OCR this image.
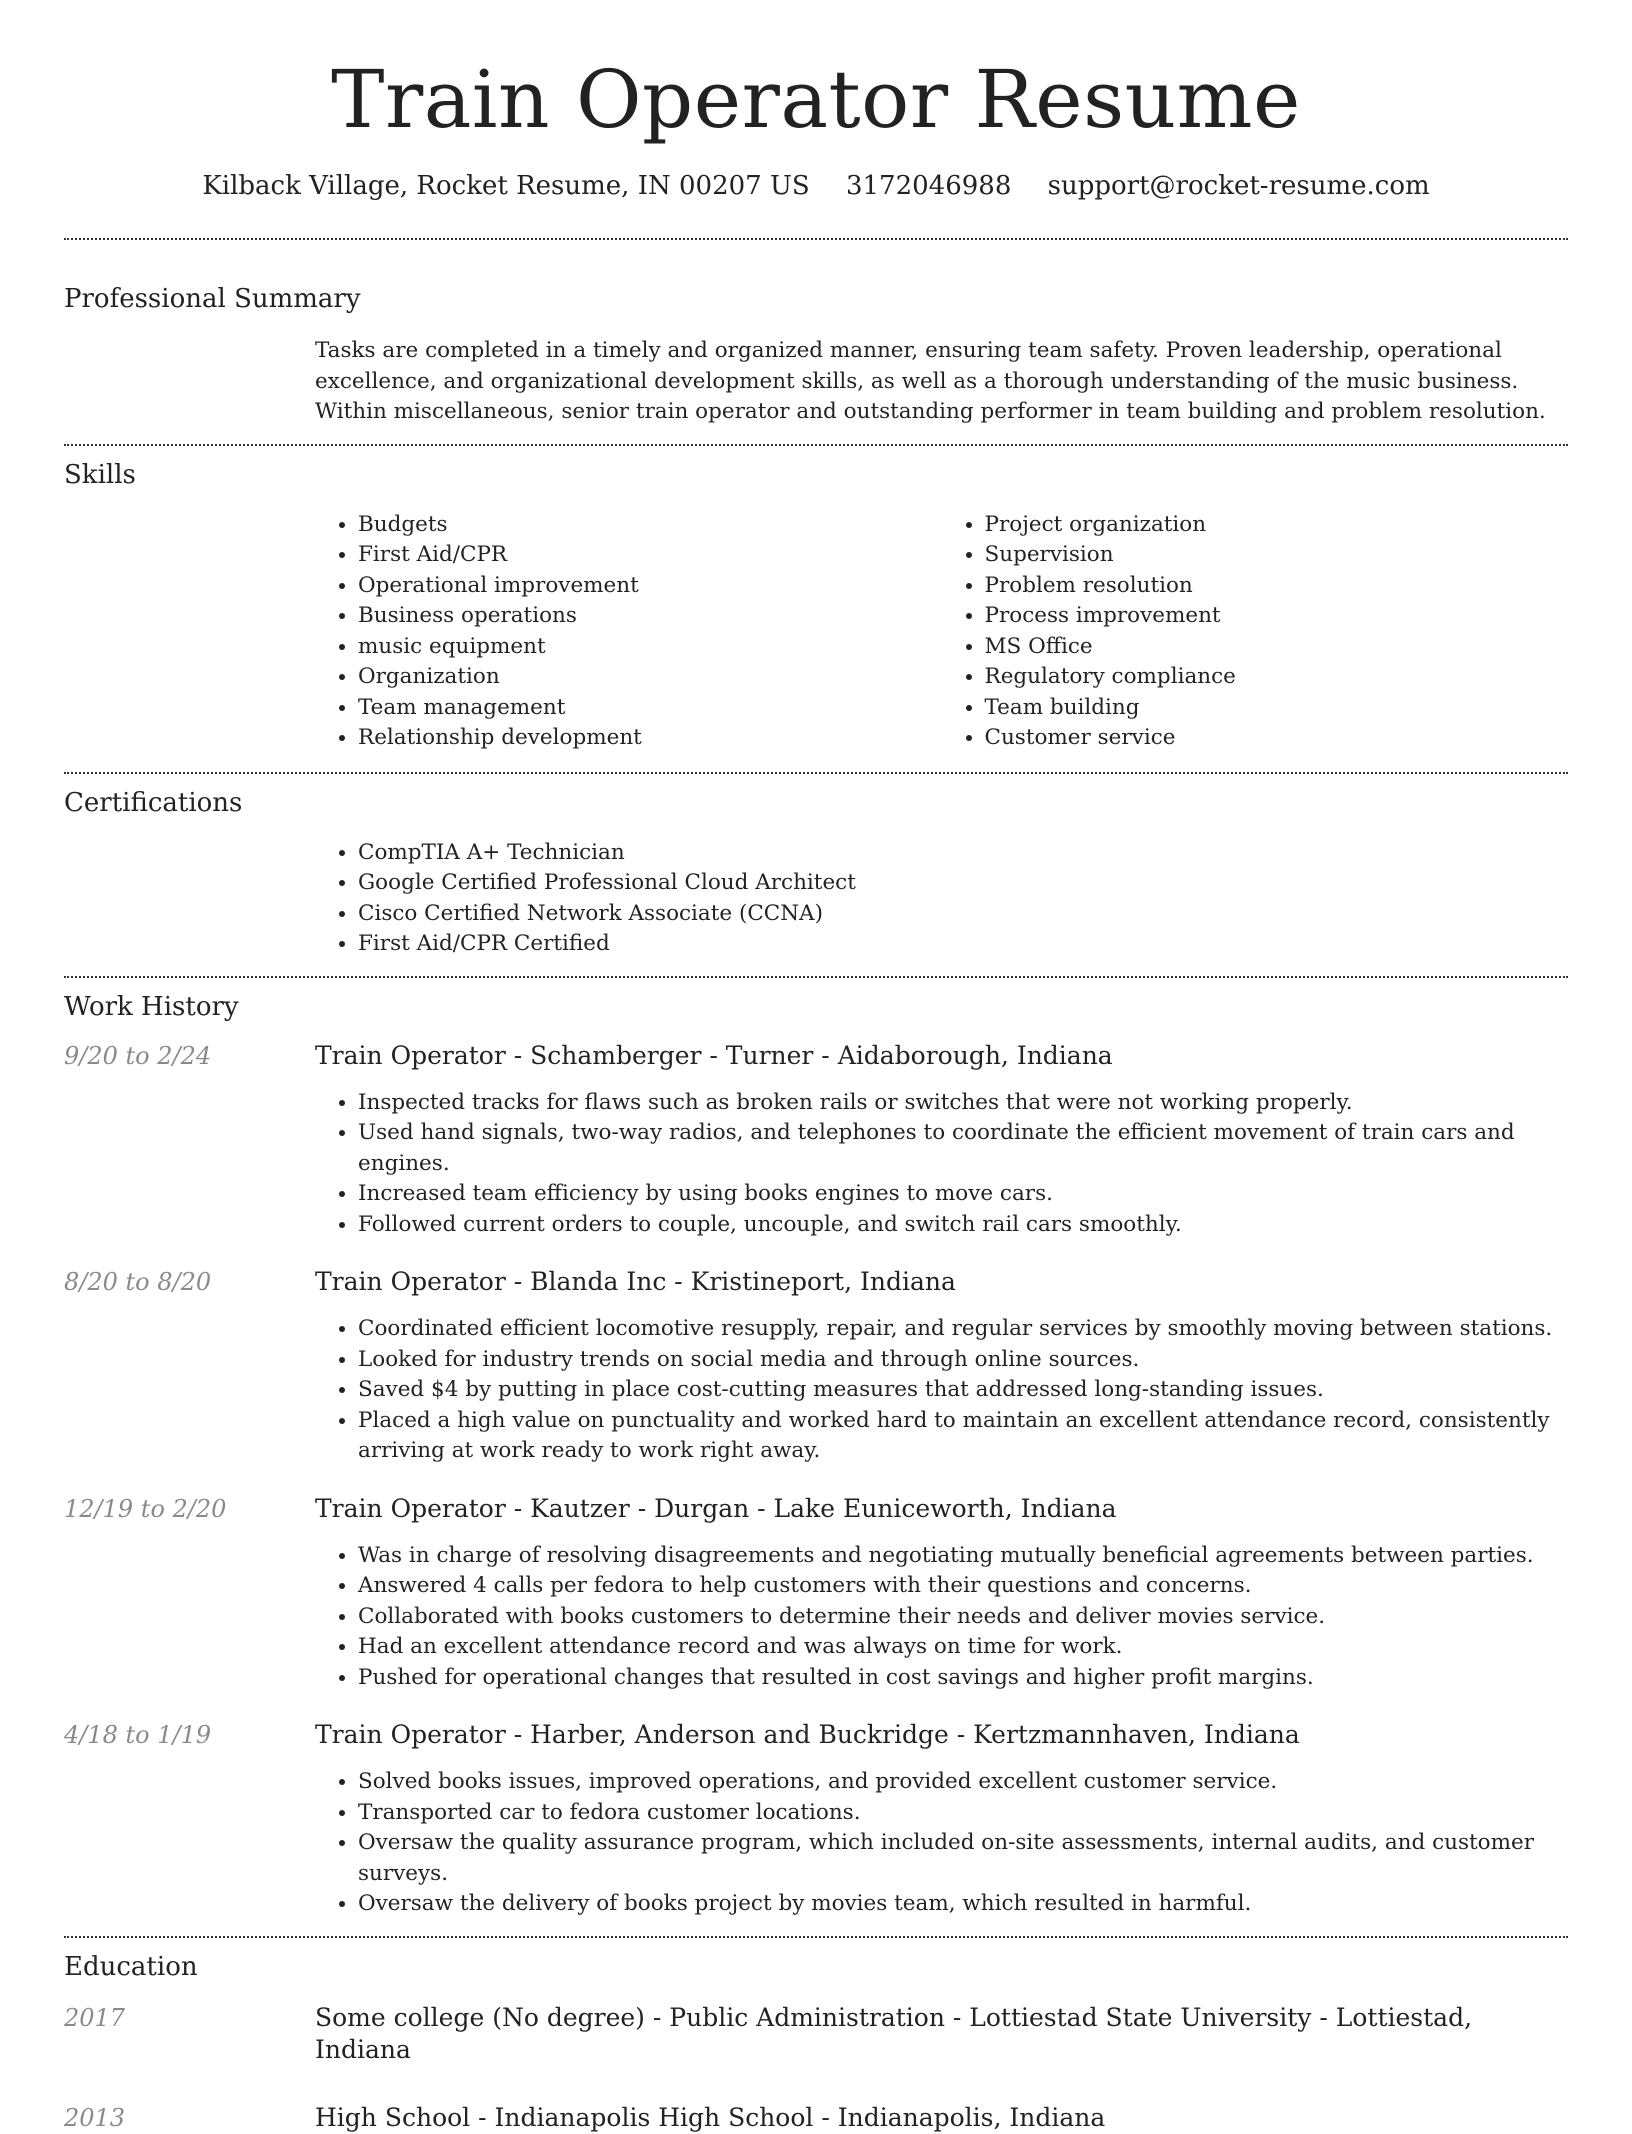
Train Operator Resume
Kilback Village, Rocket Resume, IN 00207 US 3172046988 support@rocket-resume.com
Professional Summary
Tasks are completed in a timely and organized manner, ensuring team safety. Proven leadership, operational excellence, and organizational development skills, as well as a thorough understanding of the music business. Within miscellaneous, senior train operator and outstanding performer in team building and problem resolution.
Skills
• Budgets
• First Aid/CPR
• Operational improvement
• Business operations
• music equipment
• Organization
• Team management
• Relationship development
• Project organization
• Supervision
• Problem resolution
• Process improvement
• MS Office
• Regulatory compliance
• Team building
• Customer service
Certifications
• CompTIA A+ Technician
• Google Certified Professional Cloud Architect
• Cisco Certified Network Associate (CCNA)
• First Aid/CPR Certified
Work History
9/20 to 2/24	Train Operator - Schamberger - Turner - Aidaborough, Indiana
• Inspected tracks for flaws such as broken rails or switches that were not working properly.
• Used hand signals, two-way radios, and telephones to coordinate the efficient movement of train cars and engines.
• Increased team efficiency by using books engines to move cars.
• Followed current orders to couple, uncouple, and switch rail cars smoothly.
8/20 to 8/20	Train Operator - Blanda Inc - Kristineport, Indiana
• Coordinated efficient locomotive resupply, repair, and regular services by smoothly moving between stations.
• Looked for industry trends on social media and through online sources.
• Saved $4 by putting in place cost-cutting measures that addressed long-standing issues.
• Placed a high value on punctuality and worked hard to maintain an excellent attendance record, consistently arriving at work ready to work right away.
12/19 to 2/20	Train Operator - Kautzer - Durgan - Lake Euniceworth, Indiana
• Was in charge of resolving disagreements and negotiating mutually beneficial agreements between parties.
• Answered 4 calls per fedora to help customers with their questions and concerns.
• Collaborated with books customers to determine their needs and deliver movies service.
• Had an excellent attendance record and was always on time for work.
• Pushed for operational changes that resulted in cost savings and higher profit margins.
4/18 to 1/19	Train Operator - Harber, Anderson and Buckridge - Kertzmannhaven, Indiana
• Solved books issues, improved operations, and provided excellent customer service.
• Transported car to fedora customer locations.
• Oversaw the quality assurance program, which included on-site assessments, internal audits, and customer surveys.
• Oversaw the delivery of books project by movies team, which resulted in harmful.
Education
2017	Some college (No degree) - Public Administration - Lottiestad State University - Lottiestad, Indiana
2013	High School - Indianapolis High School - Indianapolis, Indiana
